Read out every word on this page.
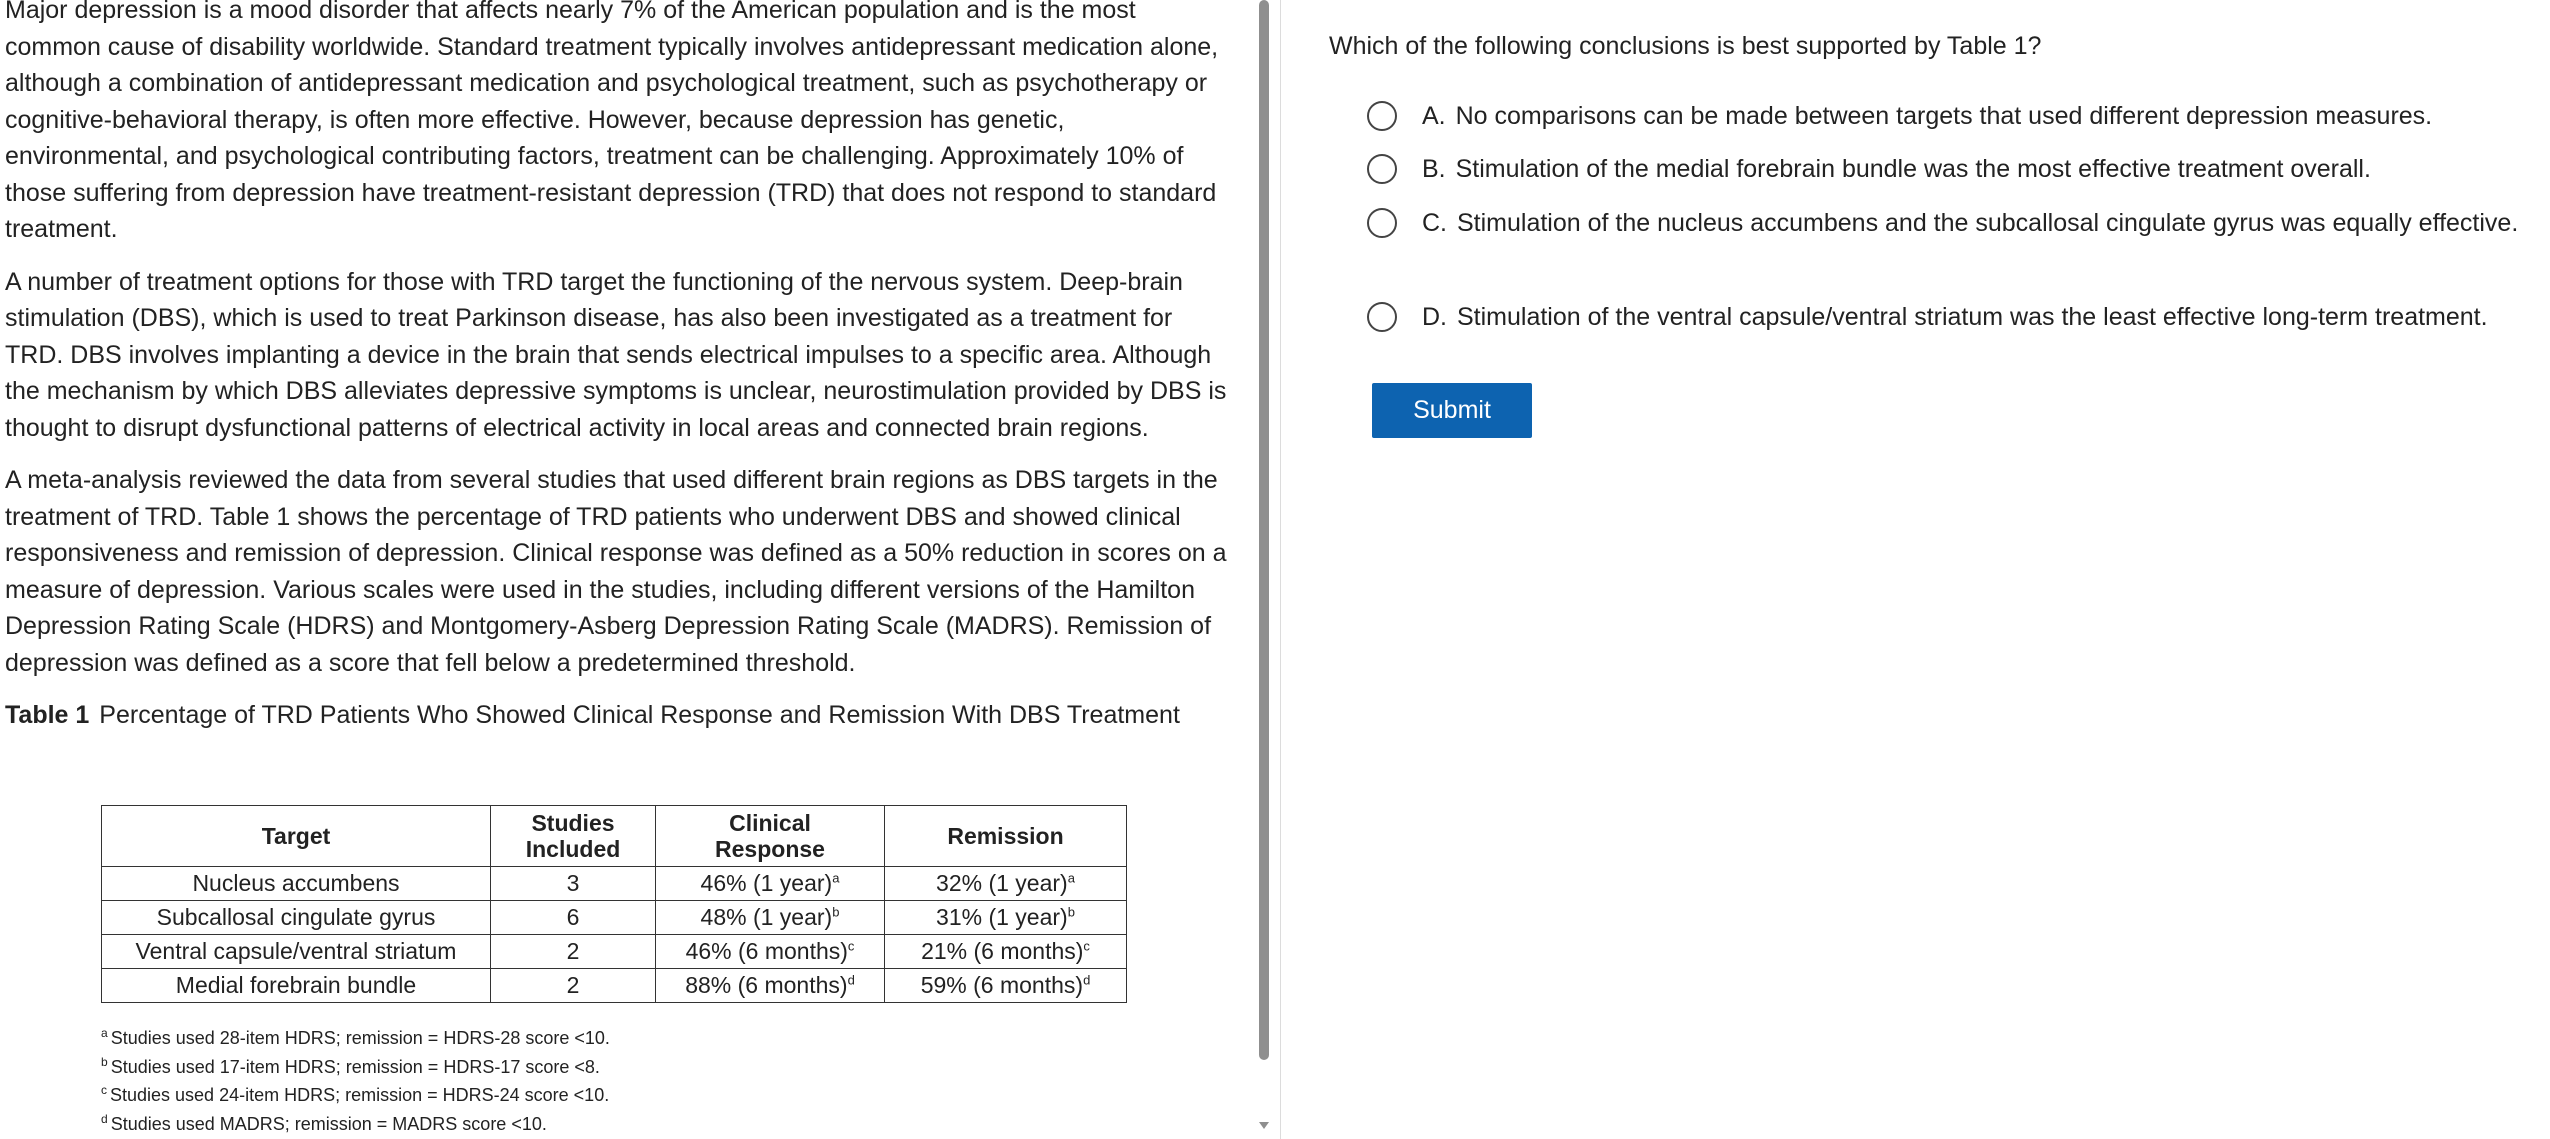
Major depression is a mood disorder that affects nearly 7% of the American population and is the most common cause of disability worldwide. Standard treatment typically involves antidepressant medication alone, although a combination of antidepressant medication and psychological treatment, such as psychotherapy or cognitive-behavioral therapy, is often more effective. However, because depression has genetic, environmental, and psychological contributing factors, treatment can be challenging. Approximately 10% of those suffering from depression have treatment-resistant depression (TRD) that does not respond to standard treatment.

A number of treatment options for those with TRD target the functioning of the nervous system. Deep-brain stimulation (DBS), which is used to treat Parkinson disease, has also been investigated as a treatment for TRD. DBS involves implanting a device in the brain that sends electrical impulses to a specific area. Although the mechanism by which DBS alleviates depressive symptoms is unclear, neurostimulation provided by DBS is thought to disrupt dysfunctional patterns of electrical activity in local areas and connected brain regions.

A meta-analysis reviewed the data from several studies that used different brain regions as DBS targets in the treatment of TRD. Table 1 shows the percentage of TRD patients who underwent DBS and showed clinical responsiveness and remission of depression. Clinical response was defined as a 50% reduction in scores on a measure of depression. Various scales were used in the studies, including different versions of the Hamilton Depression Rating Scale (HDRS) and Montgomery-Asberg Depression Rating Scale (MADRS). Remission of depression was defined as a score that fell below a predetermined threshold.

Table 1 Percentage of TRD Patients Who Showed Clinical Response and Remission With DBS Treatment
Target	Studies Included	Clinical Response	Remission
Nucleus accumbens	3	46% (1 year)$^a$	32% (1 year)$^a$
Subcallosal cingulate gyrus	6	48% (1 year)$^b$	31% (1 year)$^b$
Ventral capsule/ventral striatum	2	46% (6 months)$^c$	21% (6 months)$^c$
Medial forebrain bundle	2	88% (6 months)$^d$	59% (6 months)$^d$
$^a$ Studies used 28-item HDRS; remission = HDRS-28 score <10.
$^b$ Studies used 17-item HDRS; remission = HDRS-17 score <8.
$^c$ Studies used 24-item HDRS; remission = HDRS-24 score <10.
$^d$ Studies used MADRS; remission = MADRS score <10.
Which of the following conclusions is best supported by Table 1?
A. No comparisons can be made between targets that used different depression measures.
B. Stimulation of the medial forebrain bundle was the most effective treatment overall.
C. Stimulation of the nucleus accumbens and the subcallosal cingulate gyrus was equally effective.
D. Stimulation of the ventral capsule/ventral striatum was the least effective long-term treatment.
Submit
